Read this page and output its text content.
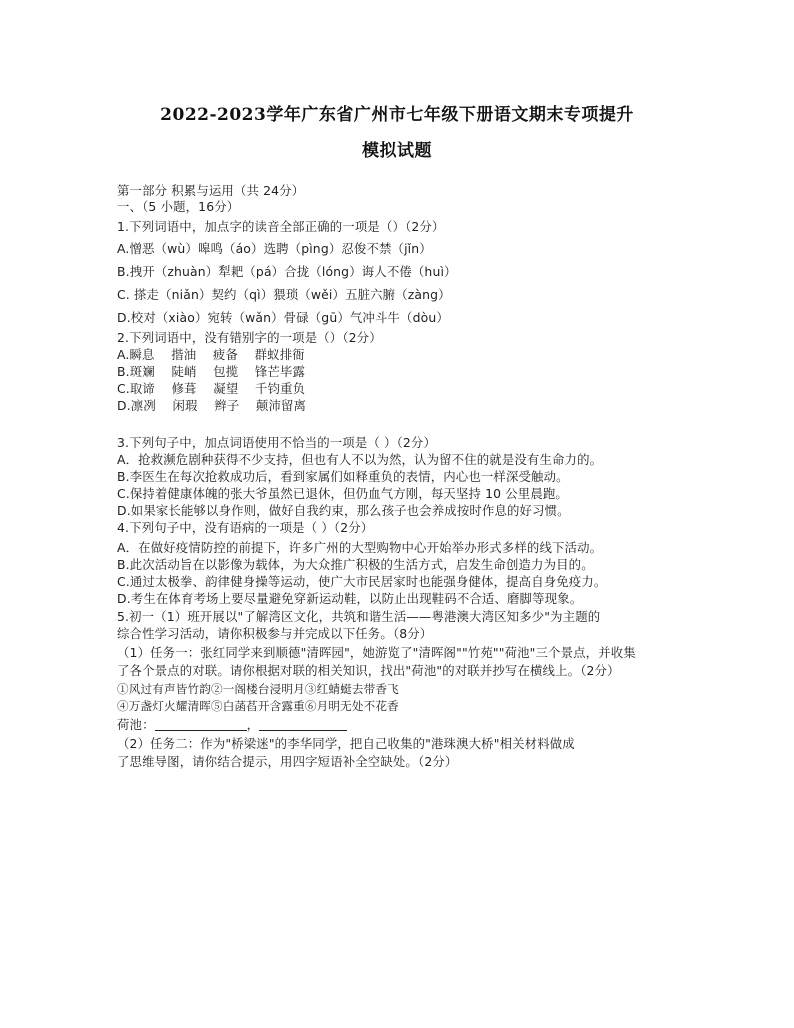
2022-2023学年广东省广州市七年级下册语文期末专项提升
模拟试题
第一部分 积累与运用（共 24分）
一、（5 小题，16分）
1.下列词语中，加点字的读音全部正确的一项是（）（2分）
A.憎恶（wù）嗥鸣（áo）选聘（pìng）忍俊不禁（jǐn）
B.拽开（zhuàn）犁耙（pá）合拢（lóng）诲人不倦（huì）
C. 搽走（niǎn）契约（qì）猥琐（wěi）五脏六腑（zàng）
D.校对（xiào）宛转（wǎn）骨碌（gū）气冲斗牛（dòu）
2.下列词语中，没有错别字的一项是（）（2分）
A.瞬息　 揩油　 疲备　 群蚁排衙
B.斑斓　 陡峭　 包揽　 锋芒毕露
C.取谛　 修葺　 凝望　 千钧重负
D.凛冽　 闲瑕　 辫子　 颠沛留离
3.下列句子中，加点词语使用不恰当的一项是（ ）（2分）
A．抢救濒危剧种获得不少支持，但也有人不以为然，认为留不住的就是没有生命力的。
B.李医生在每次抢救成功后，看到家属们如释重负的表情，内心也一样深受触动。
C.保持着健康体魄的张大爷虽然已退休，但仍血气方刚，每天坚持 10 公里晨跑。
D.如果家长能够以身作则，做好自我约束，那么孩子也会养成按时作息的好习惯。
4.下列句子中，没有语病的一项是（ ）（2分）
A．在做好疫情防控的前提下，许多广州的大型购物中心开始举办形式多样的线下活动。
B.此次活动旨在以影像为载体，为大众推广积极的生活方式，启发生命创造力为目的。
C.通过太极拳、韵律健身操等运动，使广大市民居家时也能强身健体，提高自身免疫力。
D.考生在体育考场上要尽量避免穿新运动鞋，以防止出现鞋码不合适、磨脚等现象。
5.初一（1）班开展以"了解湾区文化，共筑和谐生活——粤港澳大湾区知多少"为主题的
综合性学习活动，请你积极参与并完成以下任务。（8分）
（1）任务一：张红同学来到顺德"清晖园"，她游览了"清晖阁""竹苑""荷池"三个景点，并收集
了各个景点的对联。请你根据对联的相关知识，找出"荷池"的对联并抄写在横线上。（2分）
①风过有声皆竹韵②一阁楼台浸明月③红蜻蜓去带香飞
④万盏灯火耀清晖⑤白菡萏开含露重⑥月明无处不花香
荷池：	，
（2）任务二：作为"桥梁迷"的李华同学，把自己收集的"港珠澳大桥"相关材料做成
了思维导图，请你结合提示，用四字短语补全空缺处。（2分）
